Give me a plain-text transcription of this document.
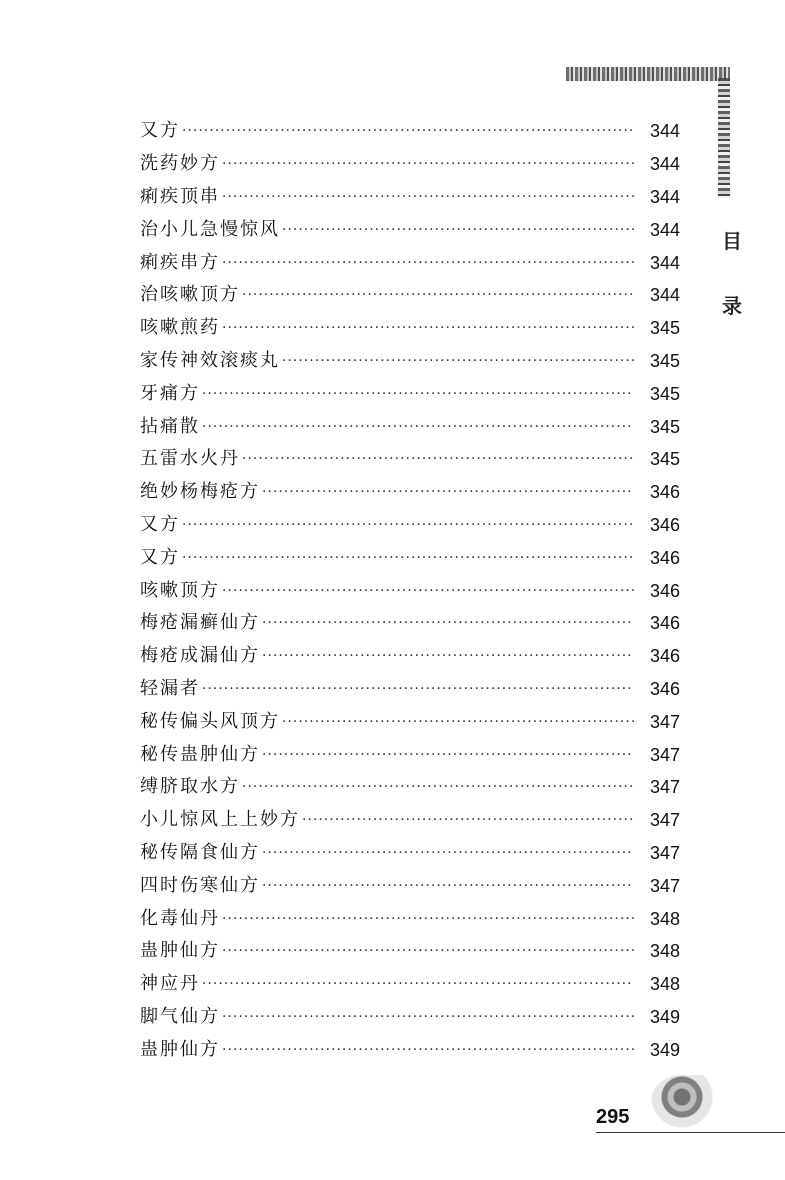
目
录
又方 ·····	344
洗药妙方 ·····	344
痢疾顶串 ·····	344
治小儿急慢惊风 ·····	344
痢疾串方 ·····	344
治咳嗽顶方 ·····	344
咳嗽煎药 ·····	345
家传神效滚痰丸 ·····	345
牙痛方 ·····	345
拈痛散 ·····	345
五雷水火丹 ·····	345
绝妙杨梅疮方 ·····	346
又方 ·····	346
又方 ·····	346
咳嗽顶方 ·····	346
梅疮漏癣仙方 ·····	346
梅疮成漏仙方 ·····	346
轻漏者 ·····	346
秘传偏头风顶方 ·····	347
秘传蛊肿仙方 ·····	347
缚脐取水方 ·····	347
小儿惊风上上妙方 ·····	347
秘传隔食仙方 ·····	347
四时伤寒仙方 ·····	347
化毒仙丹 ·····	348
蛊肿仙方 ·····	348
神应丹 ·····	348
脚气仙方 ·····	349
蛊肿仙方 ·····	349
295
